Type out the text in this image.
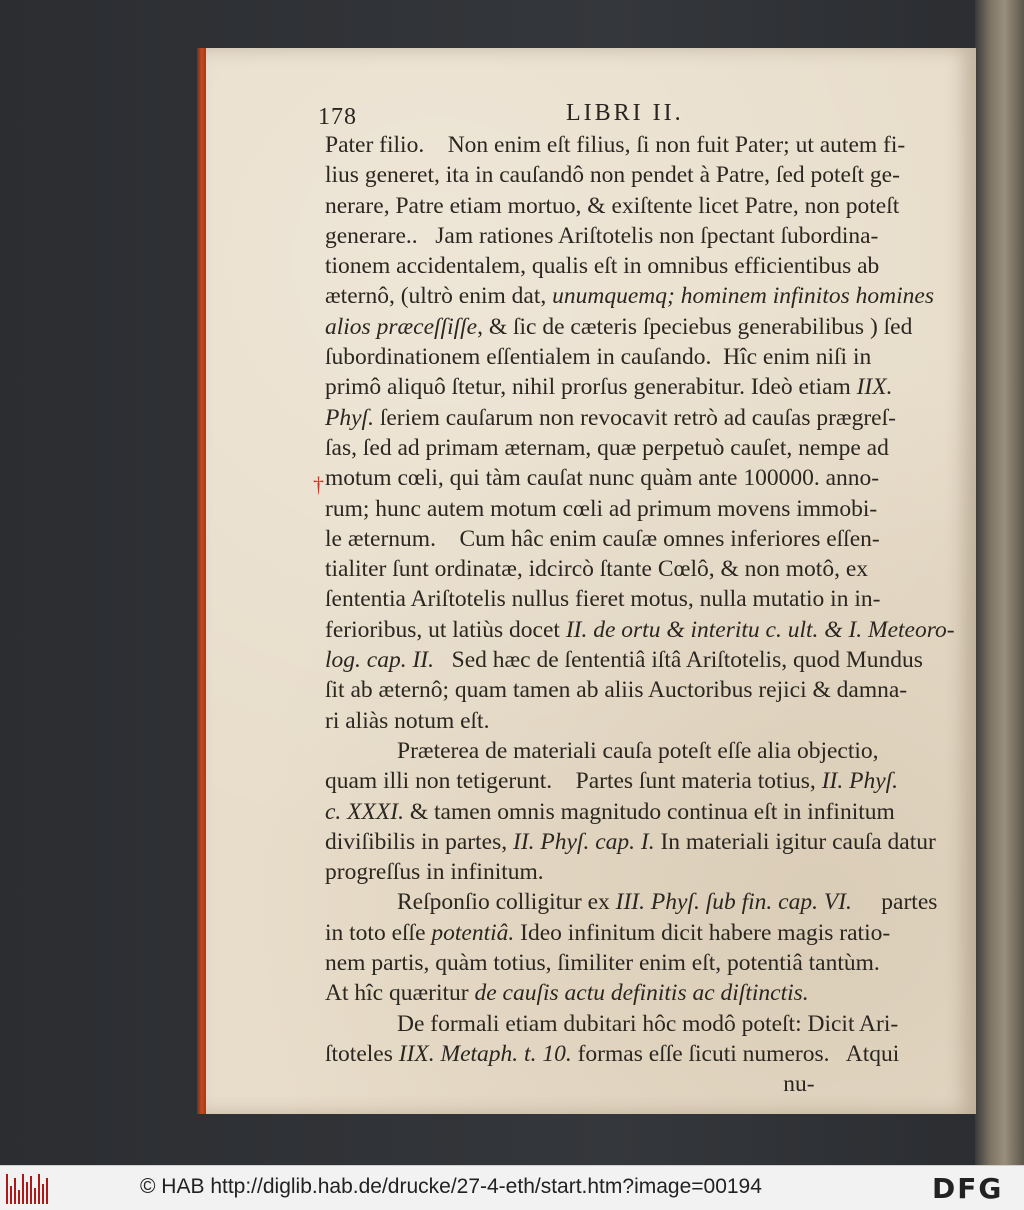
178	LIBRI II.
†
Pater filio.    Non enim eſt filius, ſi non fuit Pater; ut autem fi-
lius generet, ita in cauſandô non pendet à Patre, ſed poteſt ge-
nerare, Patre etiam mortuo, & exiſtente licet Patre, non poteſt
generare..   Jam rationes Ariſtotelis non ſpectant ſubordina-
tionem accidentalem, qualis eſt in omnibus efficientibus ab
æternô, (ultrò enim dat, unumquemq; hominem infinitos homines
alios præceſſiſſe, & ſic de cæteris ſpeciebus generabilibus ) ſed
ſubordinationem eſſentialem in cauſando.  Hîc enim niſi in
primô aliquô ſtetur, nihil prorſus generabitur. Ideò etiam IIX.
Phyſ. ſeriem cauſarum non revocavit retrò ad cauſas prægreſ-
ſas, ſed ad primam æternam, quæ perpetuò cauſet, nempe ad
motum cœli, qui tàm cauſat nunc quàm ante 100000. anno-
rum; hunc autem motum cœli ad primum movens immobi-
le æternum.    Cum hâc enim cauſæ omnes inferiores eſſen-
tialiter ſunt ordinatæ, idcircò ſtante Cœlô, & non motô, ex
ſententia Ariſtotelis nullus fieret motus, nulla mutatio in in-
ferioribus, ut latiùs docet II. de ortu & interitu c. ult. & I. Meteoro-
log. cap. II.   Sed hæc de ſententiâ iſtâ Ariſtotelis, quod Mundus
ſit ab æternô; quam tamen ab aliis Auctoribus rejici & damna-
ri aliàs notum eſt.
Præterea de materiali cauſa poteſt eſſe alia objectio,
quam illi non tetigerunt.    Partes ſunt materia totius, II. Phyſ.
c. XXXI. & tamen omnis magnitudo continua eſt in infinitum
diviſibilis in partes, II. Phyſ. cap. I. In materiali igitur cauſa datur
progreſſus in infinitum.
Reſponſio colligitur ex III. Phyſ. ſub fin. cap. VI.     partes
in toto eſſe potentiâ. Ideo infinitum dicit habere magis ratio-
nem partis, quàm totius, ſimiliter enim eſt, potentiâ tantùm.
At hîc quæritur de cauſis actu definitis ac diſtinctis.
De formali etiam dubitari hôc modô poteſt: Dicit Ari-
ſtoteles IIX. Metaph. t. 10. formas eſſe ſicuti numeros.   Atqui
nu-
© HAB http://diglib.hab.de/drucke/27-4-eth/start.htm?image=00194	DFG
